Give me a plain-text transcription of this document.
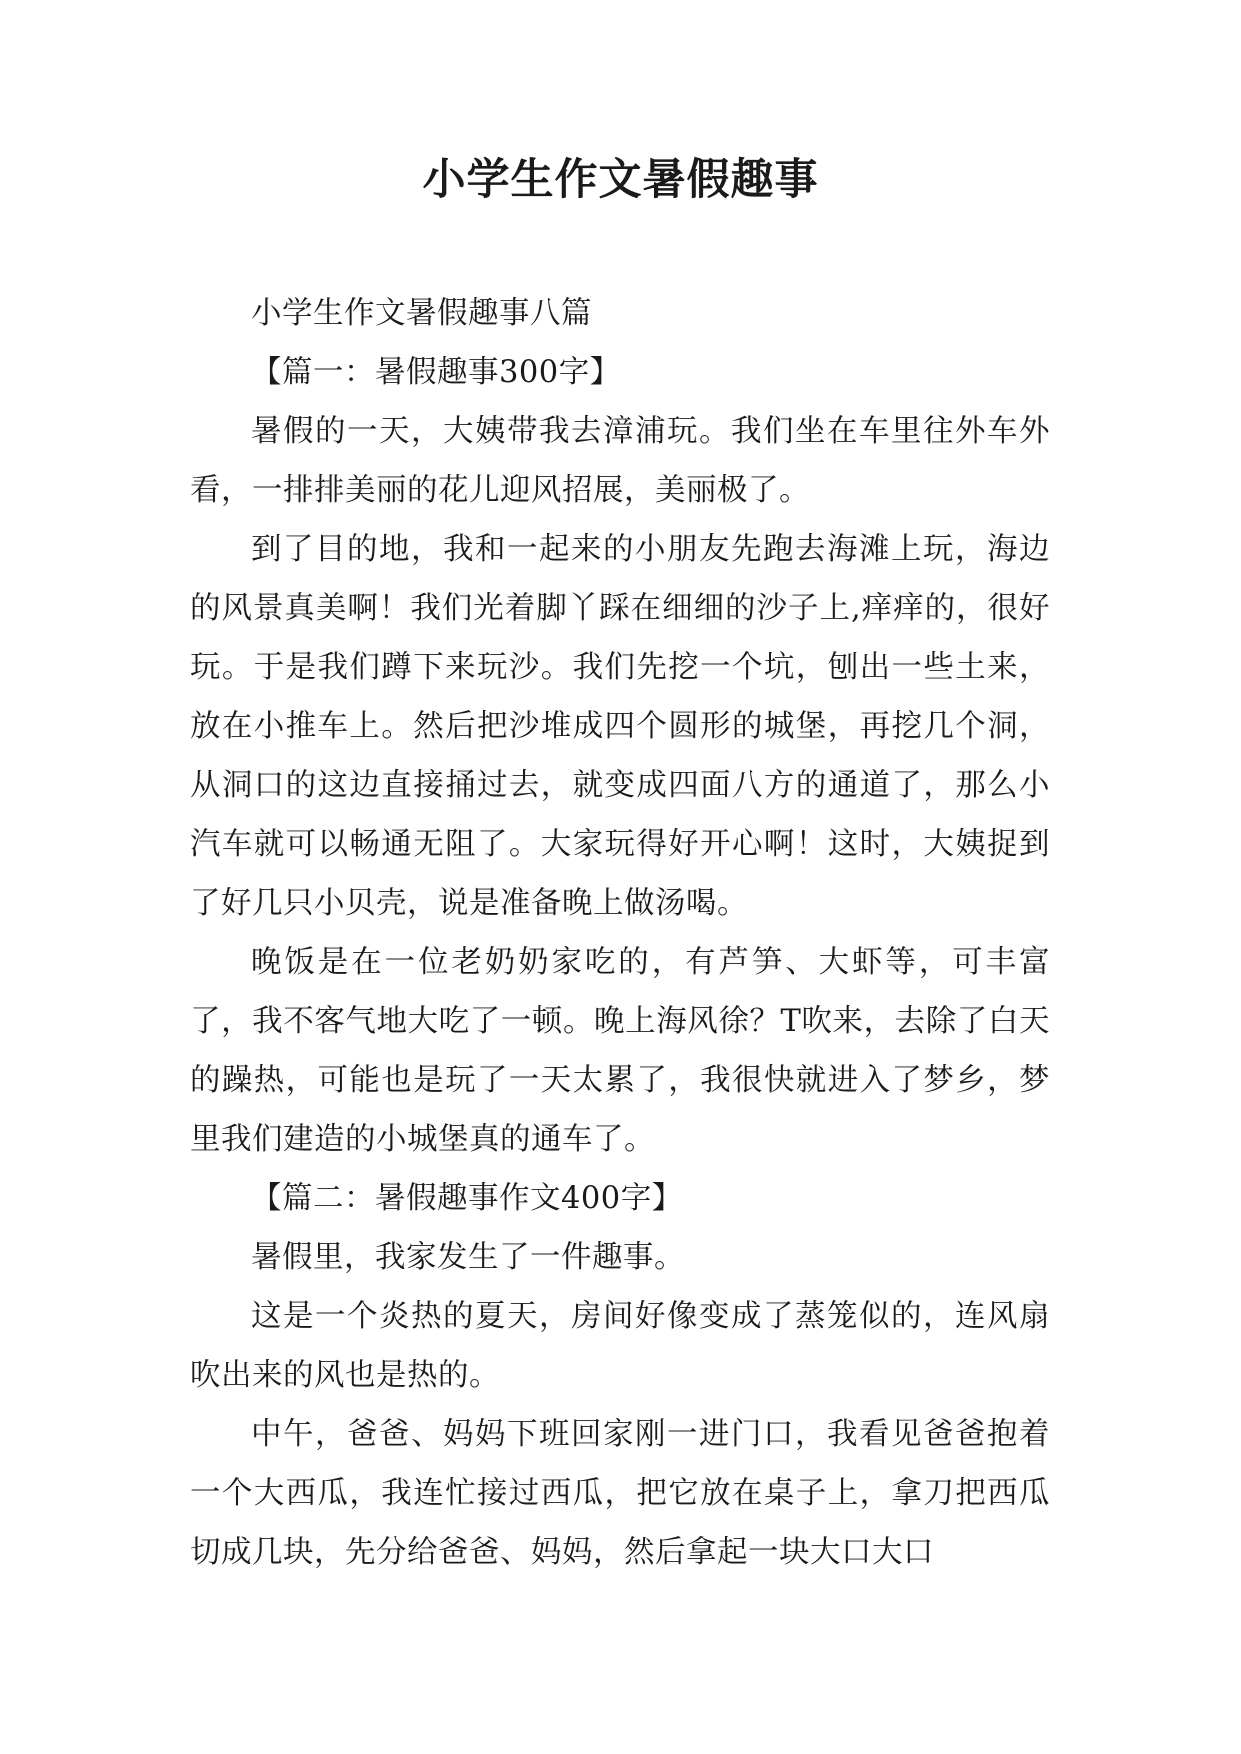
小学生作文暑假趣事

小学生作文暑假趣事八篇

【篇一：暑假趣事300字】

暑假的一天，大姨带我去漳浦玩。我们坐在车里往外车外看，一排排美丽的花儿迎风招展，美丽极了。

到了目的地，我和一起来的小朋友先跑去海滩上玩，海边的风景真美啊！我们光着脚丫踩在细细的沙子上,痒痒的，很好玩。于是我们蹲下来玩沙。我们先挖一个坑，刨出一些土来，放在小推车上。然后把沙堆成四个圆形的城堡，再挖几个洞，从洞口的这边直接捅过去，就变成四面八方的通道了，那么小汽车就可以畅通无阻了。大家玩得好开心啊！这时，大姨捉到了好几只小贝壳，说是准备晚上做汤喝。

晚饭是在一位老奶奶家吃的，有芦笋、大虾等，可丰富了，我不客气地大吃了一顿。晚上海风徐？T吹来，去除了白天的躁热，可能也是玩了一天太累了，我很快就进入了梦乡，梦里我们建造的小城堡真的通车了。

【篇二：暑假趣事作文400字】

暑假里，我家发生了一件趣事。

这是一个炎热的夏天，房间好像变成了蒸笼似的，连风扇吹出来的风也是热的。

中午，爸爸、妈妈下班回家刚一进门口，我看见爸爸抱着一个大西瓜，我连忙接过西瓜，把它放在桌子上，拿刀把西瓜切成几块，先分给爸爸、妈妈，然后拿起一块大口大口
